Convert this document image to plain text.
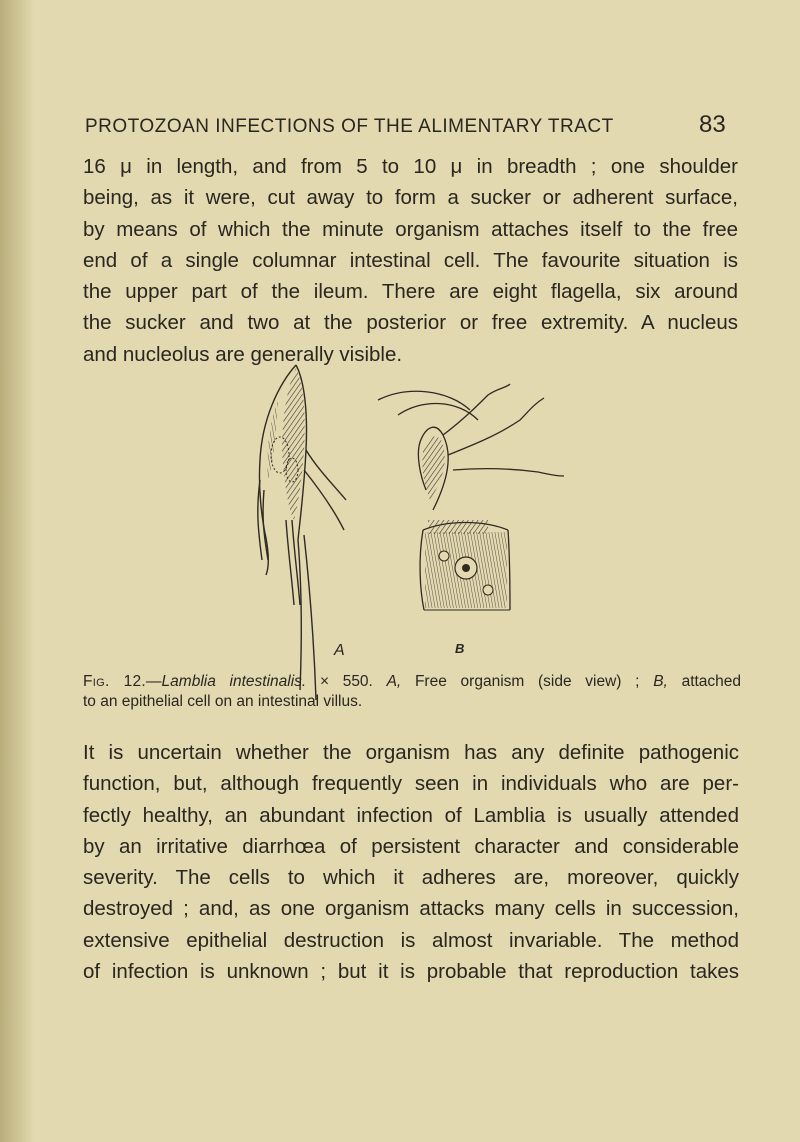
PROTOZOAN INFECTIONS OF THE ALIMENTARY TRACT	83
16 μ in length, and from 5 to 10 μ in breadth ; one shoulder
being, as it were, cut away to form a sucker or adherent surface,
by means of which the minute organism attaches itself to the free
end of a single columnar intestinal cell. The favourite situation is
the upper part of the ileum. There are eight flagella, six around
the sucker and two at the posterior or free extremity. A nucleus
and nucleolus are generally visible.
A	B
Fig. 12.—Lamblia intestinalis. × 550. A, Free organism (side view) ; B, attached
to an epithelial cell on an intestinal villus.
It is uncertain whether the organism has any definite pathogenic
function, but, although frequently seen in individuals who are per-
fectly healthy, an abundant infection of Lamblia is usually attended
by an irritative diarrhœa of persistent character and considerable
severity. The cells to which it adheres are, moreover, quickly
destroyed ; and, as one organism attacks many cells in succession,
extensive epithelial destruction is almost invariable. The method
of infection is unknown ; but it is probable that reproduction takes
